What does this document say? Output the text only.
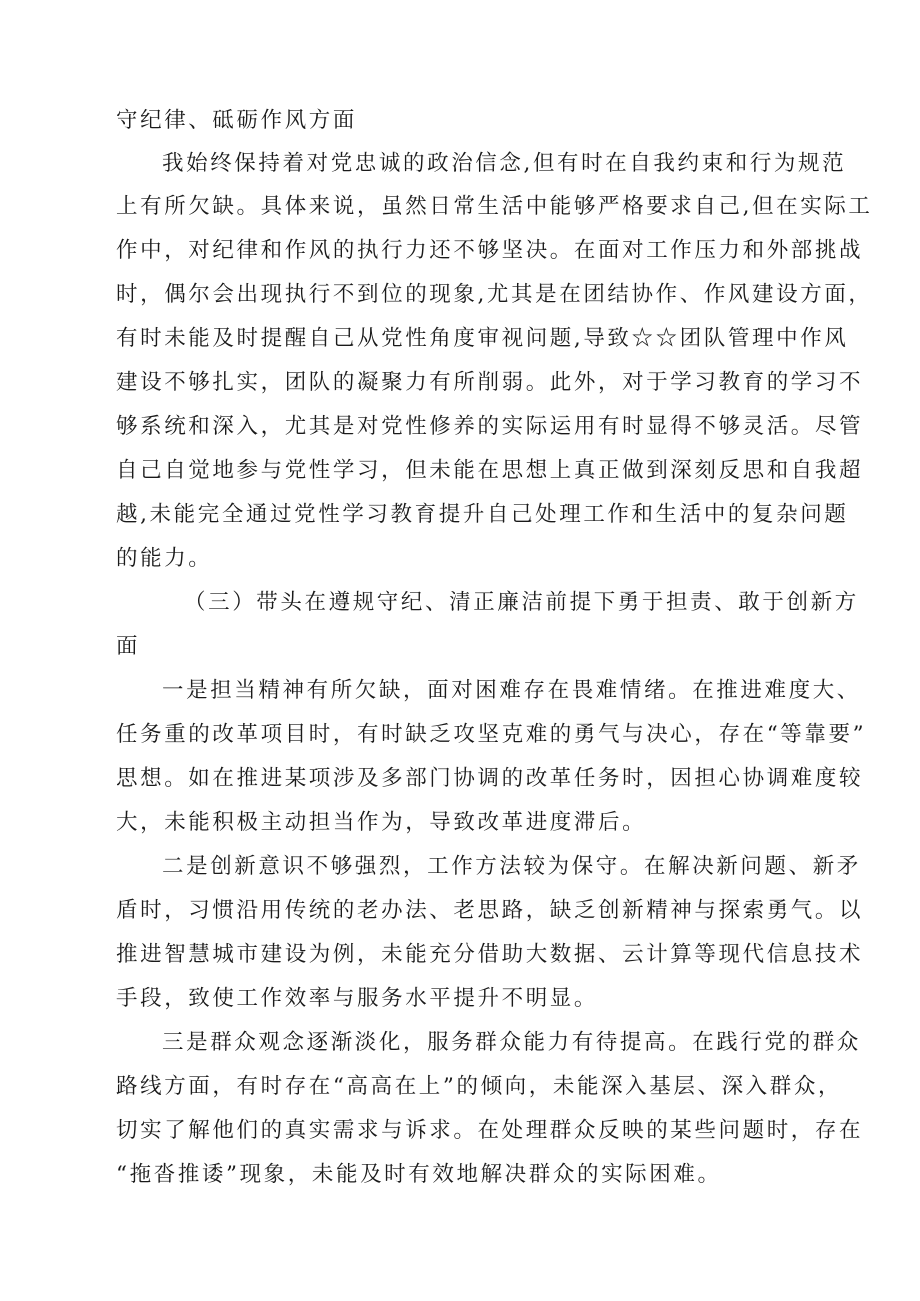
守纪律、砥砺作风方面
我始终保持着对党忠诚的政治信念,但有时在自我约束和行为规范
上有所欠缺。具体来说，虽然日常生活中能够严格要求自己,但在实际工
作中，对纪律和作风的执行力还不够坚决。在面对工作压力和外部挑战
时，偶尔会出现执行不到位的现象,尤其是在团结协作、作风建设方面，
有时未能及时提醒自己从党性角度审视问题,导致☆☆团队管理中作风
建设不够扎实，团队的凝聚力有所削弱。此外，对于学习教育的学习不
够系统和深入，尤其是对党性修养的实际运用有时显得不够灵活。尽管
自己自觉地参与党性学习，但未能在思想上真正做到深刻反思和自我超
越,未能完全通过党性学习教育提升自己处理工作和生活中的复杂问题
的能力。
（三）带头在遵规守纪、清正廉洁前提下勇于担责、敢于创新方
面
一是担当精神有所欠缺，面对困难存在畏难情绪。在推进难度大、
任务重的改革项目时，有时缺乏攻坚克难的勇气与决心，存在“等靠要”
思想。如在推进某项涉及多部门协调的改革任务时，因担心协调难度较
大，未能积极主动担当作为，导致改革进度滞后。
二是创新意识不够强烈，工作方法较为保守。在解决新问题、新矛
盾时，习惯沿用传统的老办法、老思路，缺乏创新精神与探索勇气。以
推进智慧城市建设为例，未能充分借助大数据、云计算等现代信息技术
手段，致使工作效率与服务水平提升不明显。
三是群众观念逐渐淡化，服务群众能力有待提高。在践行党的群众
路线方面，有时存在“高高在上”的倾向，未能深入基层、深入群众，
切实了解他们的真实需求与诉求。在处理群众反映的某些问题时，存在
“拖沓推诿”现象，未能及时有效地解决群众的实际困难。
